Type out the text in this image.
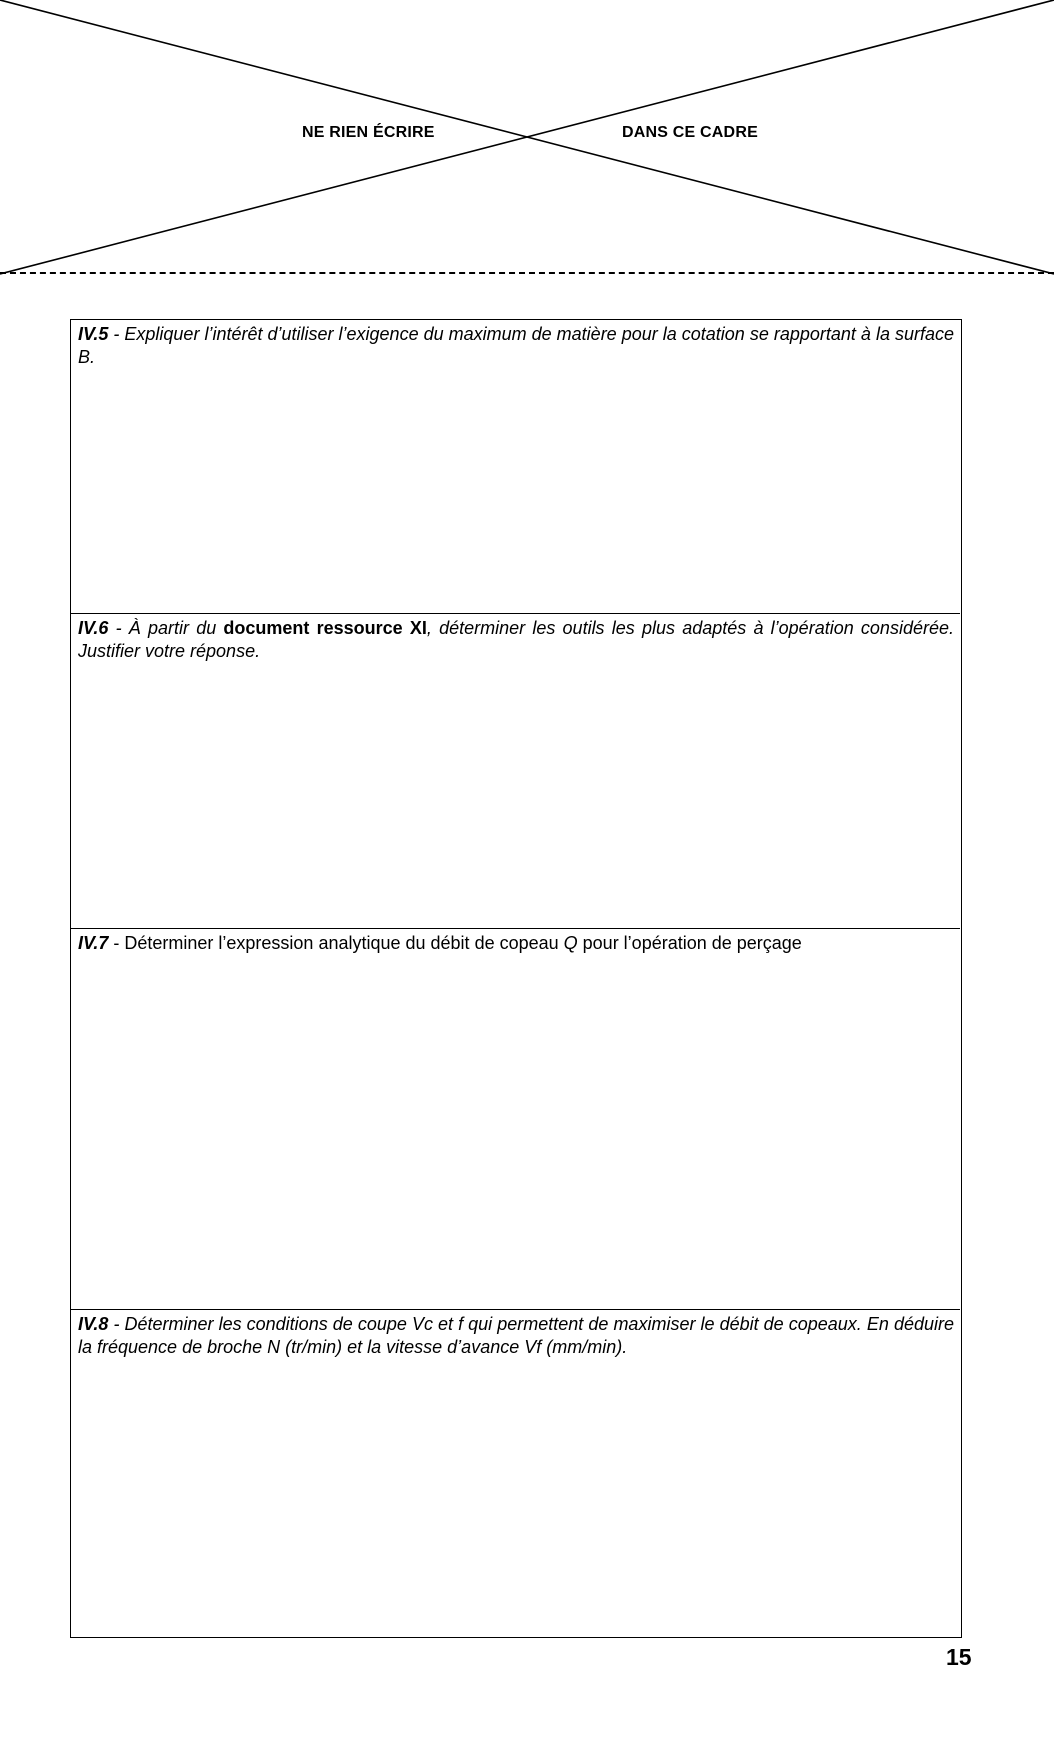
NE RIEN ÉCRIRE	DANS CE CADRE
IV.5 - Expliquer l’intérêt d’utiliser l’exigence du maximum de matière pour la cotation se rapportant à la surface B.
IV.6 - À partir du document ressource XI, déterminer les outils les plus adaptés à l’opération considérée. Justifier votre réponse.
IV.7 - Déterminer l’expression analytique du débit de copeau Q pour l’opération de perçage
IV.8 - Déterminer les conditions de coupe Vc et f qui permettent de maximiser le débit de copeaux. En déduire la fréquence de broche N (tr/min) et la vitesse d’avance Vf (mm/min).
15
